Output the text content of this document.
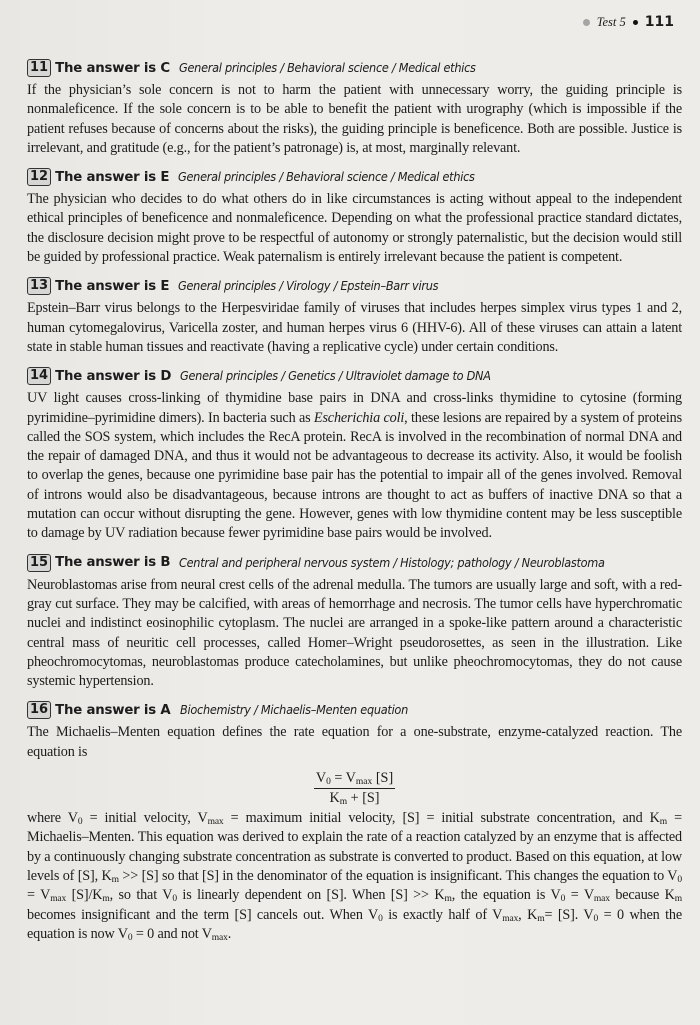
Test 5 111
11 The answer is C General principles / Behavioral science / Medical ethics
If the physician’s sole concern is not to harm the patient with unnecessary worry, the guiding principle is nonmaleficence. If the sole concern is to be able to benefit the patient with urography (which is impossible if the patient refuses because of concerns about the risks), the guiding principle is beneficence. Both are possible. Justice is irrelevant, and gratitude (e.g., for the patient’s patronage) is, at most, marginally relevant.
12 The answer is E General principles / Behavioral science / Medical ethics
The physician who decides to do what others do in like circumstances is acting without appeal to the independent ethical principles of beneficence and nonmaleficence. Depending on what the professional practice standard dictates, the disclosure decision might prove to be respectful of autonomy or strongly paternalistic, but the decision would still be guided by professional practice. Weak paternalism is entirely irrelevant because the patient is competent.
13 The answer is E General principles / Virology / Epstein–Barr virus
Epstein–Barr virus belongs to the Herpesviridae family of viruses that includes herpes simplex virus types 1 and 2, human cytomegalovirus, Varicella zoster, and human herpes virus 6 (HHV-6). All of these viruses can attain a latent state in stable human tissues and reactivate (having a replicative cycle) under certain conditions.
14 The answer is D General principles / Genetics / Ultraviolet damage to DNA
UV light causes cross-linking of thymidine base pairs in DNA and cross-links thymidine to cytosine (forming pyrimidine–pyrimidine dimers). In bacteria such as Escherichia coli, these lesions are repaired by a system of proteins called the SOS system, which includes the RecA protein. RecA is involved in the recombination of normal DNA and the repair of damaged DNA, and thus it would not be advantageous to decrease its activity. Also, it would be foolish to overlap the genes, because one pyrimidine base pair has the potential to impair all of the genes involved. Removal of introns would also be disadvantageous, because introns are thought to act as buffers of inactive DNA so that a mutation can occur without disrupting the gene. However, genes with low thymidine content may be less susceptible to damage by UV radiation because fewer pyrimidine base pairs would be involved.
15 The answer is B Central and peripheral nervous system / Histology; pathology / Neuroblastoma
Neuroblastomas arise from neural crest cells of the adrenal medulla. The tumors are usually large and soft, with a red-gray cut surface. They may be calcified, with areas of hemorrhage and necrosis. The tumor cells have hyperchromatic nuclei and indistinct eosinophilic cytoplasm. The nuclei are arranged in a spoke-like pattern around a characteristic central mass of neuritic cell processes, called Homer–Wright pseudorosettes, as seen in the illustration. Like pheochromocytomas, neuroblastomas produce catecholamines, but unlike pheochromocytomas, they do not cause systemic hypertension.
16 The answer is A Biochemistry / Michaelis–Menten equation
The Michaelis–Menten equation defines the rate equation for a one-substrate, enzyme-catalyzed reaction. The equation is
$V_0 = V_{max}$ [S]
$K_m + [S]$
where $V_0$ = initial velocity, $V_{max}$ = maximum initial velocity, [S] = initial substrate concentration, and $K_m$ = Michaelis–Menten. This equation was derived to explain the rate of a reaction catalyzed by an enzyme that is affected by a continuously changing substrate concentration as substrate is converted to product. Based on this equation, at low levels of [S], $K_m >> [S]$ so that [S] in the denominator of the equation is insignificant. This changes the equation to $V_0 = V_{max}$ $[S]/K_m$, so that $V_0$ is linearly dependent on [S]. When $[S] >> K_m$, the equation is $V_0 = V_{max}$ because $K_m$ becomes insignificant and the term [S] cancels out. When $V_0$ is exactly half of $V_{max}$, $K_m= [S]$. $V_0 = 0$ when the equation is now $V_0 = 0$ and not $V_{max}$.
